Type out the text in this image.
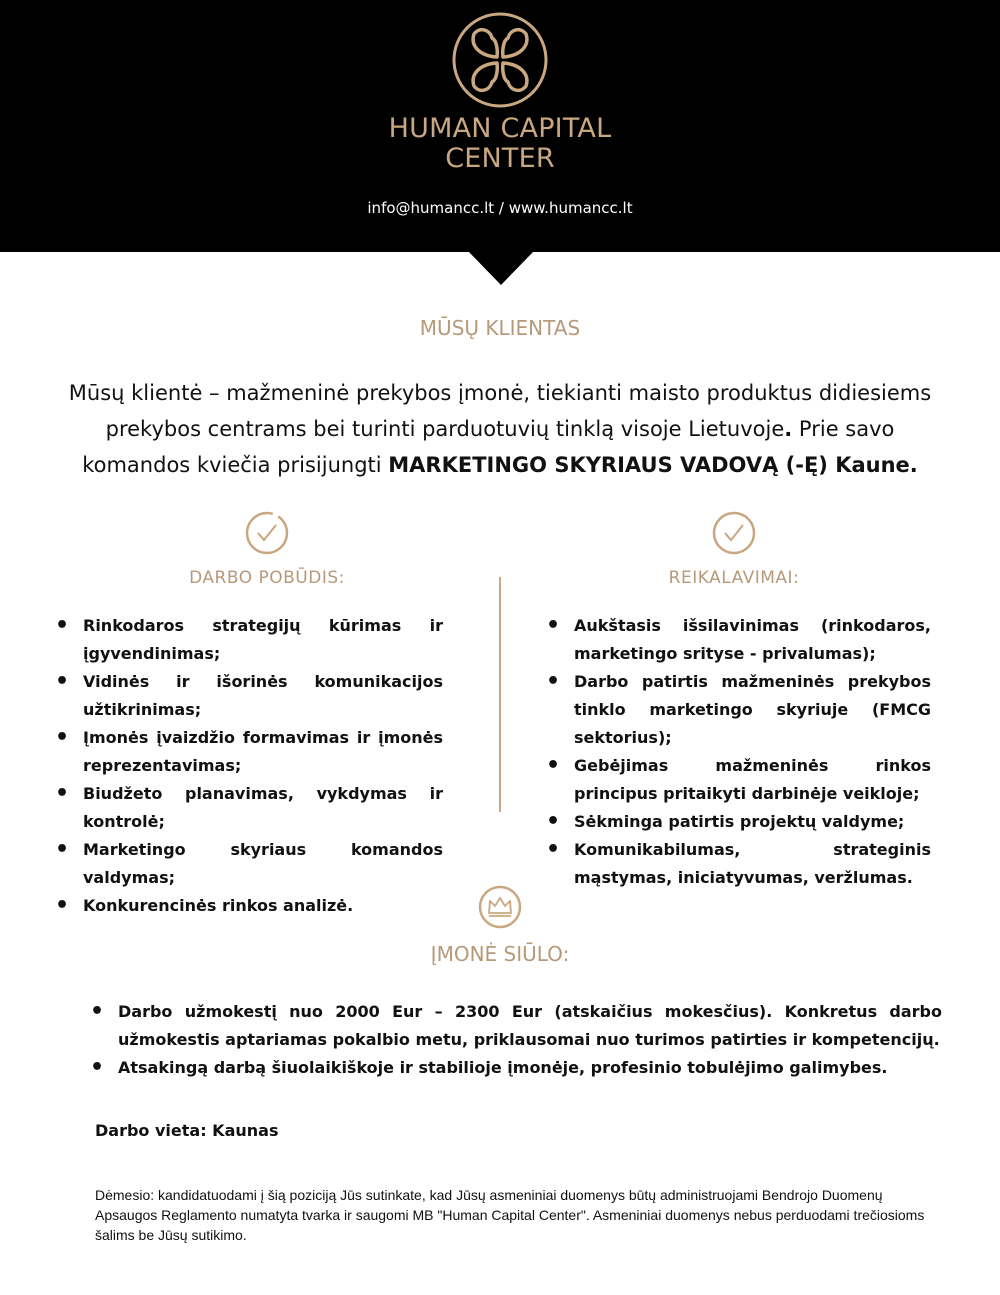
HUMAN CAPITAL
CENTER
info@humancc.lt / www.humancc.lt
MŪSŲ KLIENTAS

Mūsų klientė – mažmeninė prekybos įmonė, tiekianti maisto produktus didiesiems prekybos centrams bei turinti parduotuvių tinklą visoje Lietuvoje. Prie savo komandos kviečia prisijungti MARKETINGO SKYRIAUS VADOVĄ (-Ę) Kaune.

DARBO POBŪDIS:
• Rinkodaros strategijų kūrimas ir įgyvendinimas;
• Vidinės ir išorinės komunikacijos užtikrinimas;
• Įmonės įvaizdžio formavimas ir įmonės reprezentavimas;
• Biudžeto planavimas, vykdymas ir kontrolė;
• Marketingo skyriaus komandos valdymas;
• Konkurencinės rinkos analizė.
REIKALAVIMAI:
• Aukštasis išsilavinimas (rinkodaros, marketingo srityse - privalumas);
• Darbo patirtis mažmeninės prekybos tinklo marketingo skyriuje (FMCG sektorius);
• Gebėjimas mažmeninės rinkos principus pritaikyti darbinėje veikloje;
• Sėkminga patirtis projektų valdyme;
• Komunikabilumas, strateginis mąstymas, iniciatyvumas, veržlumas.
ĮMONĖ SIŪLO:
• Darbo užmokestį nuo 2000 Eur – 2300 Eur (atskaičius mokesčius). Konkretus darbo užmokestis aptariamas pokalbio metu, priklausomai nuo turimos patirties ir kompetencijų.
• Atsakingą darbą šiuolaikiškoje ir stabilioje įmonėje, profesinio tobulėjimo galimybes.
Darbo vieta: Kaunas

Dėmesio: kandidatuodami į šią poziciją Jūs sutinkate, kad Jūsų asmeniniai duomenys būtų administruojami Bendrojo Duomenų Apsaugos Reglamento numatyta tvarka ir saugomi MB "Human Capital Center". Asmeniniai duomenys nebus perduodami trečiosioms šalims be Jūsų sutikimo.
